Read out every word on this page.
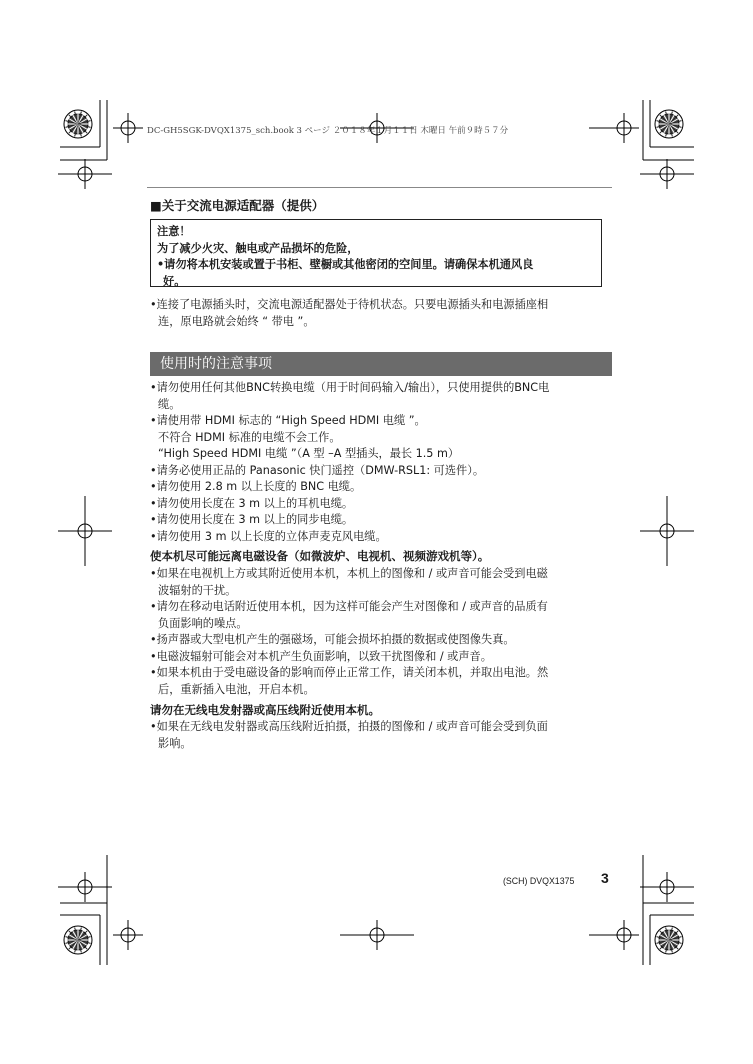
DC-GH5SGK-DVQX1375_sch.book 3 ページ ２０１８年１月１１日 木曜日 午前９時５７分
■关于交流电源适配器（提供）
注意！
为了减少火灾、触电或产品损坏的危险，
•请勿将本机安装或置于书柜、壁橱或其他密闭的空间里。请确保本机通风良
好。
•连接了电源插头时，交流电源适配器处于待机状态。只要电源插头和电源插座相
连，原电路就会始终 “ 带电 ”。
使用时的注意事项
•请勿使用任何其他BNC转换电缆（用于时间码输入/输出），只使用提供的BNC电
缆。
•请使用带 HDMI 标志的 “High Speed HDMI 电缆 ”。
不符合 HDMI 标准的电缆不会工作。
“High Speed HDMI 电缆 ”（A 型 –A 型插头，最长 1.5 m）
•请务必使用正品的 Panasonic 快门遥控（DMW-RSL1: 可选件）。
•请勿使用 2.8 m 以上长度的 BNC 电缆。
•请勿使用长度在 3 m 以上的耳机电缆。
•请勿使用长度在 3 m 以上的同步电缆。
•请勿使用 3 m 以上长度的立体声麦克风电缆。
使本机尽可能远离电磁设备（如微波炉、电视机、视频游戏机等）。
•如果在电视机上方或其附近使用本机，本机上的图像和 / 或声音可能会受到电磁
波辐射的干扰。
•请勿在移动电话附近使用本机，因为这样可能会产生对图像和 / 或声音的品质有
负面影响的噪点。
•扬声器或大型电机产生的强磁场，可能会损坏拍摄的数据或使图像失真。
•电磁波辐射可能会对本机产生负面影响，以致干扰图像和 / 或声音。
•如果本机由于受电磁设备的影响而停止正常工作，请关闭本机，并取出电池。然
后，重新插入电池，开启本机。
请勿在无线电发射器或高压线附近使用本机。
•如果在无线电发射器或高压线附近拍摄，拍摄的图像和 / 或声音可能会受到负面
影响。
(SCH) DVQX1375 3
